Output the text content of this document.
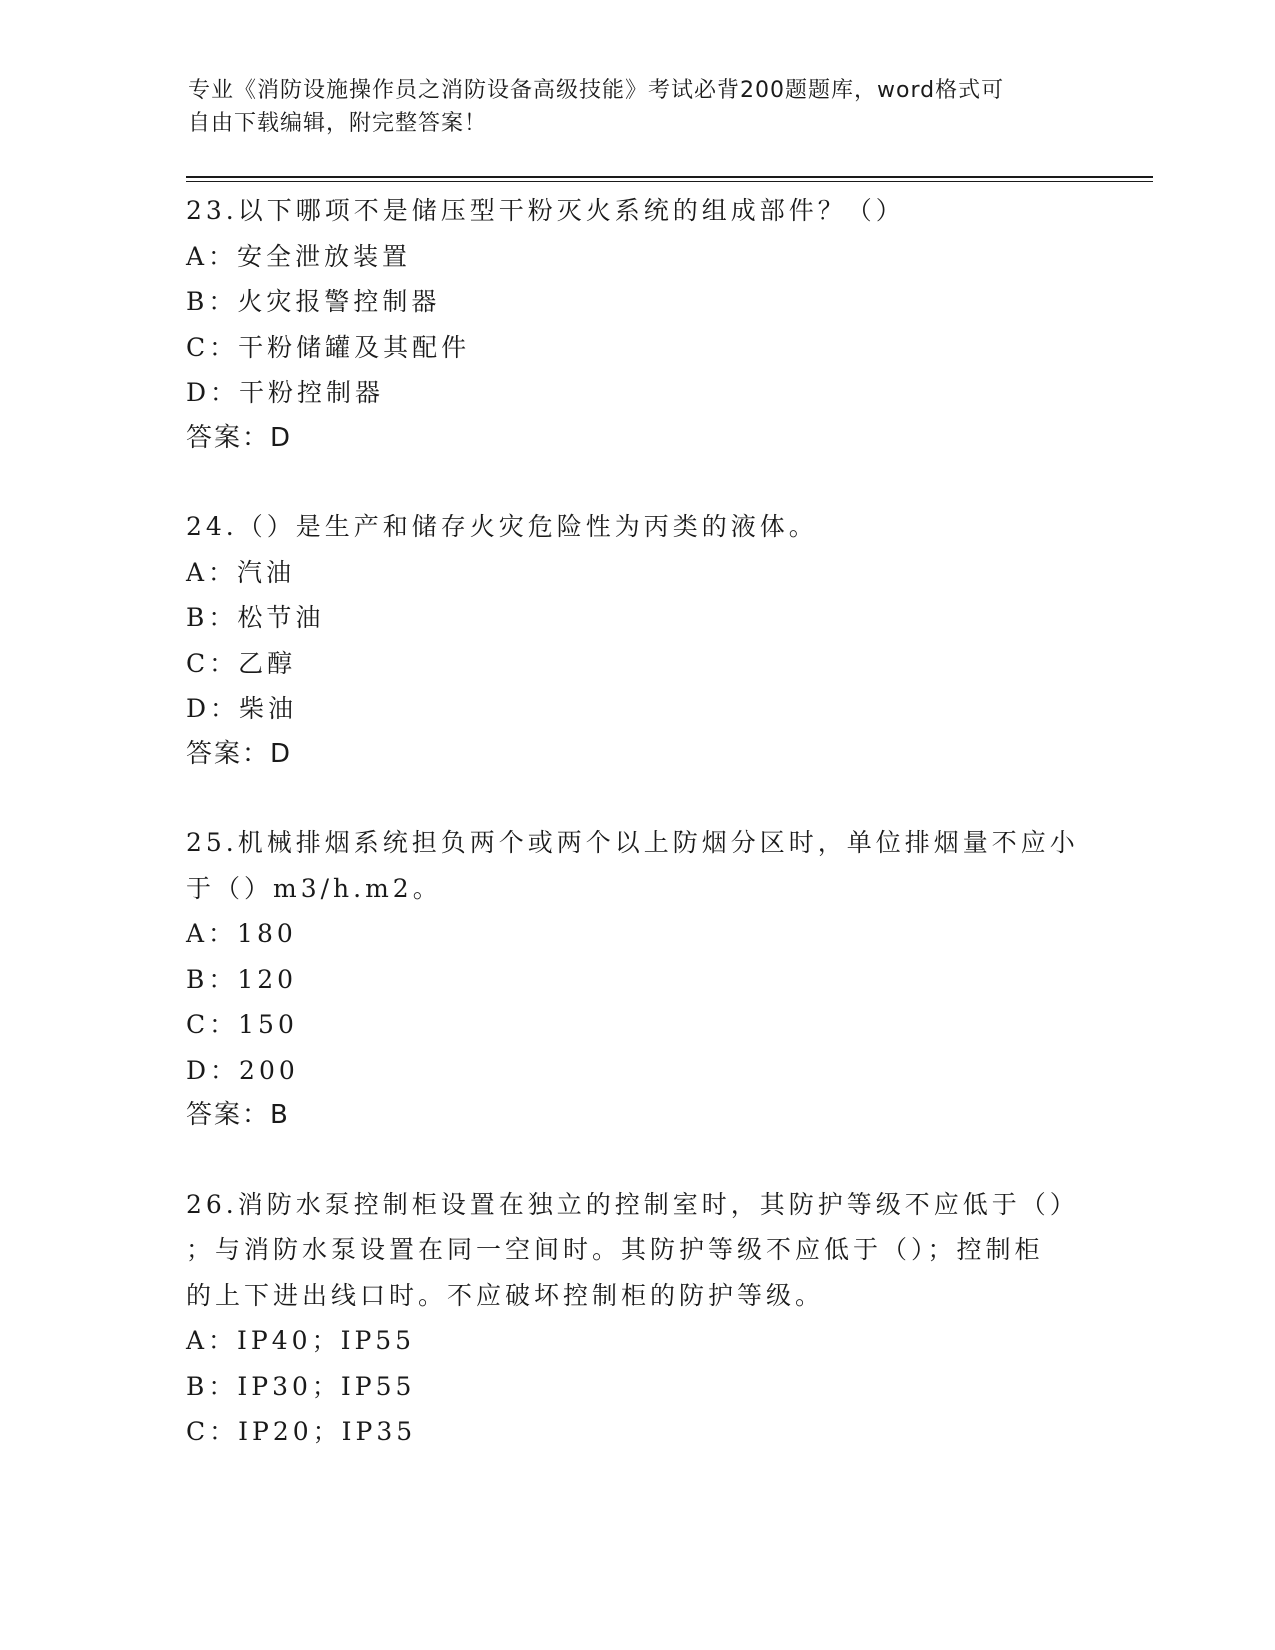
专业《消防设施操作员之消防设备高级技能》考试必背200题题库，word格式可
自由下载编辑，附完整答案！
23.以下哪项不是储压型干粉灭火系统的组成部件？（）
A：安全泄放装置
B：火灾报警控制器
C：干粉储罐及其配件
D：干粉控制器
答案：D
24.（）是生产和储存火灾危险性为丙类的液体。
A：汽油
B：松节油
C：乙醇
D：柴油
答案：D
25.机械排烟系统担负两个或两个以上防烟分区时，单位排烟量不应小
于（）m3/h.m2。
A：180
B：120
C：150
D：200
答案：B
26.消防水泵控制柜设置在独立的控制室时，其防护等级不应低于（）
；与消防水泵设置在同一空间时。其防护等级不应低于（）；控制柜
的上下进出线口时。不应破坏控制柜的防护等级。
A：IP40；IP55
B：IP30；IP55
C：IP20；IP35
